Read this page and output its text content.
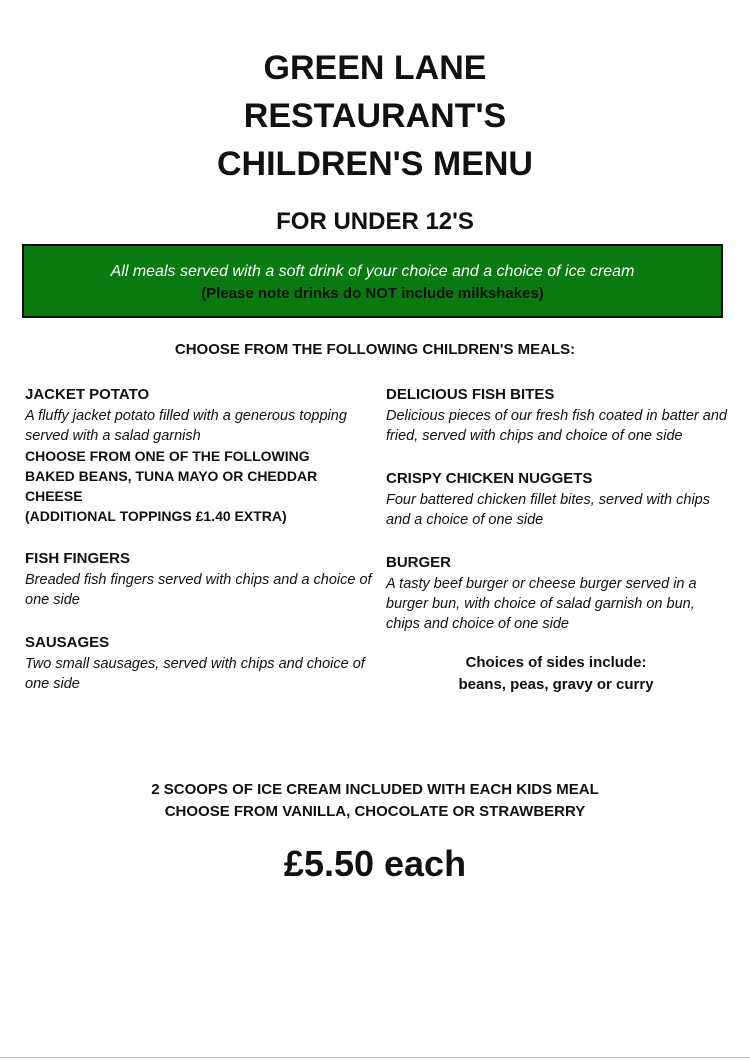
GREEN LANE

RESTAURANT'S

CHILDREN'S MENU

FOR UNDER 12'S
All meals served with a soft drink of your choice and a choice of ice cream
(Please note drinks do NOT include milkshakes)
CHOOSE FROM THE FOLLOWING CHILDREN'S MEALS:
JACKET POTATO
A fluffy jacket potato filled with a generous topping served with a salad garnish
CHOOSE FROM ONE OF THE FOLLOWING
BAKED BEANS, TUNA MAYO OR CHEDDAR CHEESE
(ADDITIONAL TOPPINGS £1.40 EXTRA)
FISH FINGERS
Breaded fish fingers served with chips and a choice of one side
SAUSAGES
Two small sausages, served with chips and choice of one side
DELICIOUS FISH BITES
Delicious pieces of our fresh fish coated in batter and fried, served with chips and choice of one side
CRISPY CHICKEN NUGGETS
Four battered chicken fillet bites, served with chips and a choice of one side
BURGER
A tasty beef burger or cheese burger served in a burger bun, with choice of salad garnish on bun, chips and choice of one side
Choices of sides include:
beans, peas, gravy or curry
2 SCOOPS OF ICE CREAM INCLUDED WITH EACH KIDS MEAL
CHOOSE FROM VANILLA, CHOCOLATE OR STRAWBERRY
£5.50 each
